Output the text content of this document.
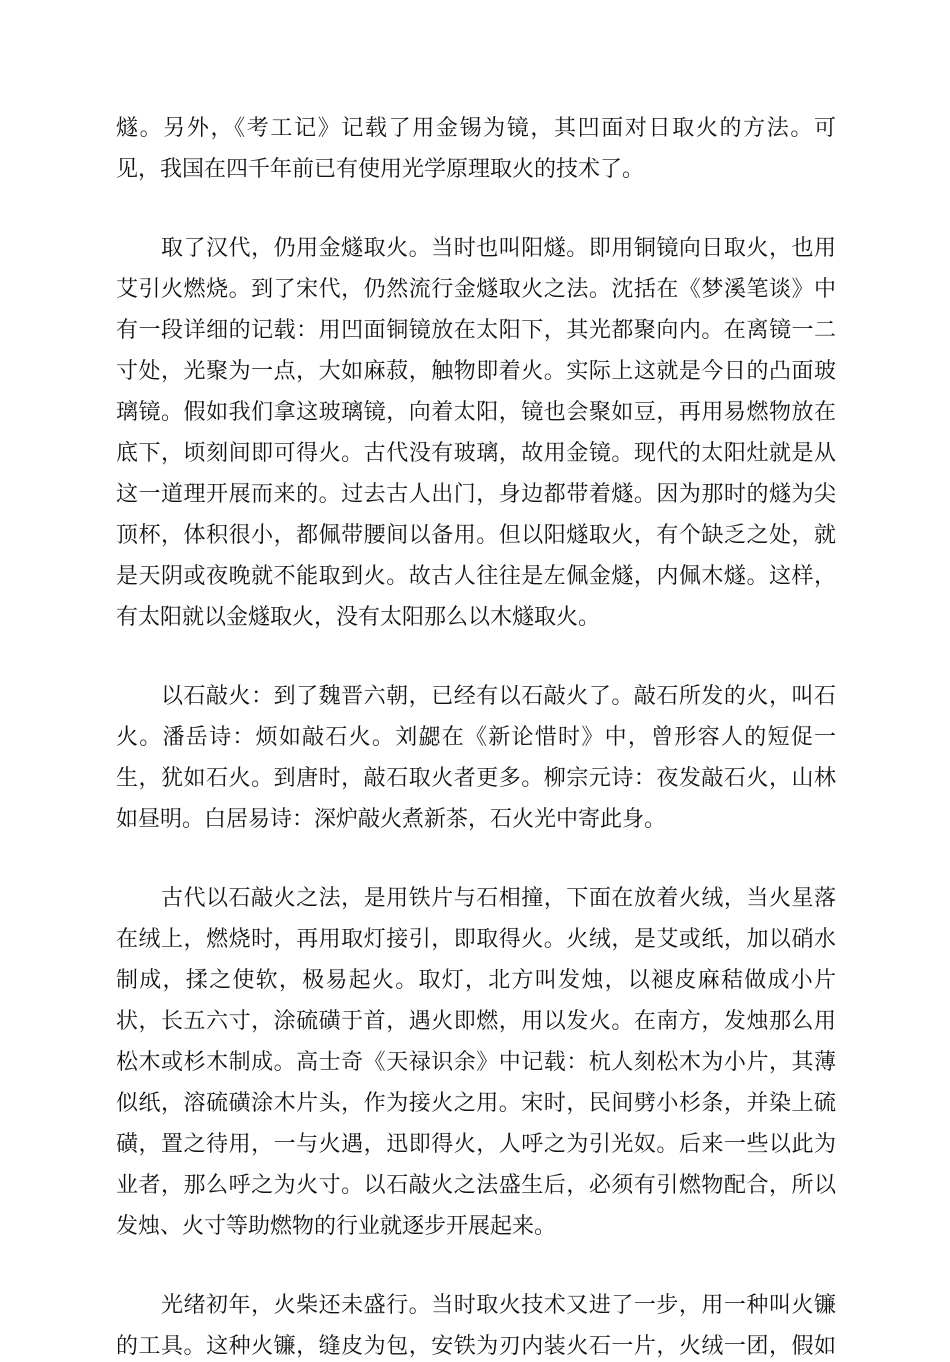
燧。另外，《考工记》记载了用金锡为镜，其凹面对日取火的方法。可
见，我国在四千年前已有使用光学原理取火的技术了。
取了汉代，仍用金燧取火。当时也叫阳燧。即用铜镜向日取火，也用
艾引火燃烧。到了宋代，仍然流行金燧取火之法。沈括在《梦溪笔谈》中
有一段详细的记载：用凹面铜镜放在太阳下，其光都聚向内。在离镜一二
寸处，光聚为一点，大如麻菽，触物即着火。实际上这就是今日的凸面玻
璃镜。假如我们拿这玻璃镜，向着太阳，镜也会聚如豆，再用易燃物放在
底下，顷刻间即可得火。古代没有玻璃，故用金镜。现代的太阳灶就是从
这一道理开展而来的。过去古人出门，身边都带着燧。因为那时的燧为尖
顶杯，体积很小，都佩带腰间以备用。但以阳燧取火，有个缺乏之处，就
是天阴或夜晚就不能取到火。故古人往往是左佩金燧，内佩木燧。这样，
有太阳就以金燧取火，没有太阳那么以木燧取火。
以石敲火：到了魏晋六朝，已经有以石敲火了。敲石所发的火，叫石
火。潘岳诗：烦如敲石火。刘勰在《新论惜时》中，曾形容人的短促一
生，犹如石火。到唐时，敲石取火者更多。柳宗元诗：夜发敲石火，山林
如昼明。白居易诗：深炉敲火煮新茶，石火光中寄此身。
古代以石敲火之法，是用铁片与石相撞，下面在放着火绒，当火星落
在绒上，燃烧时，再用取灯接引，即取得火。火绒，是艾或纸，加以硝水
制成，揉之使软，极易起火。取灯，北方叫发烛，以褪皮麻秸做成小片
状，长五六寸，涂硫磺于首，遇火即燃，用以发火。在南方，发烛那么用
松木或杉木制成。高士奇《天禄识余》中记载：杭人刻松木为小片，其薄
似纸，溶硫磺涂木片头，作为接火之用。宋时，民间劈小杉条，并染上硫
磺，置之待用，一与火遇，迅即得火，人呼之为引光奴。后来一些以此为
业者，那么呼之为火寸。以石敲火之法盛生后，必须有引燃物配合，所以
发烛、火寸等助燃物的行业就逐步开展起来。
光绪初年，火柴还未盛行。当时取火技术又进了一步，用一种叫火镰
的工具。这种火镰，缝皮为包，安铁为刃内装火石一片，火绒一团，假如
